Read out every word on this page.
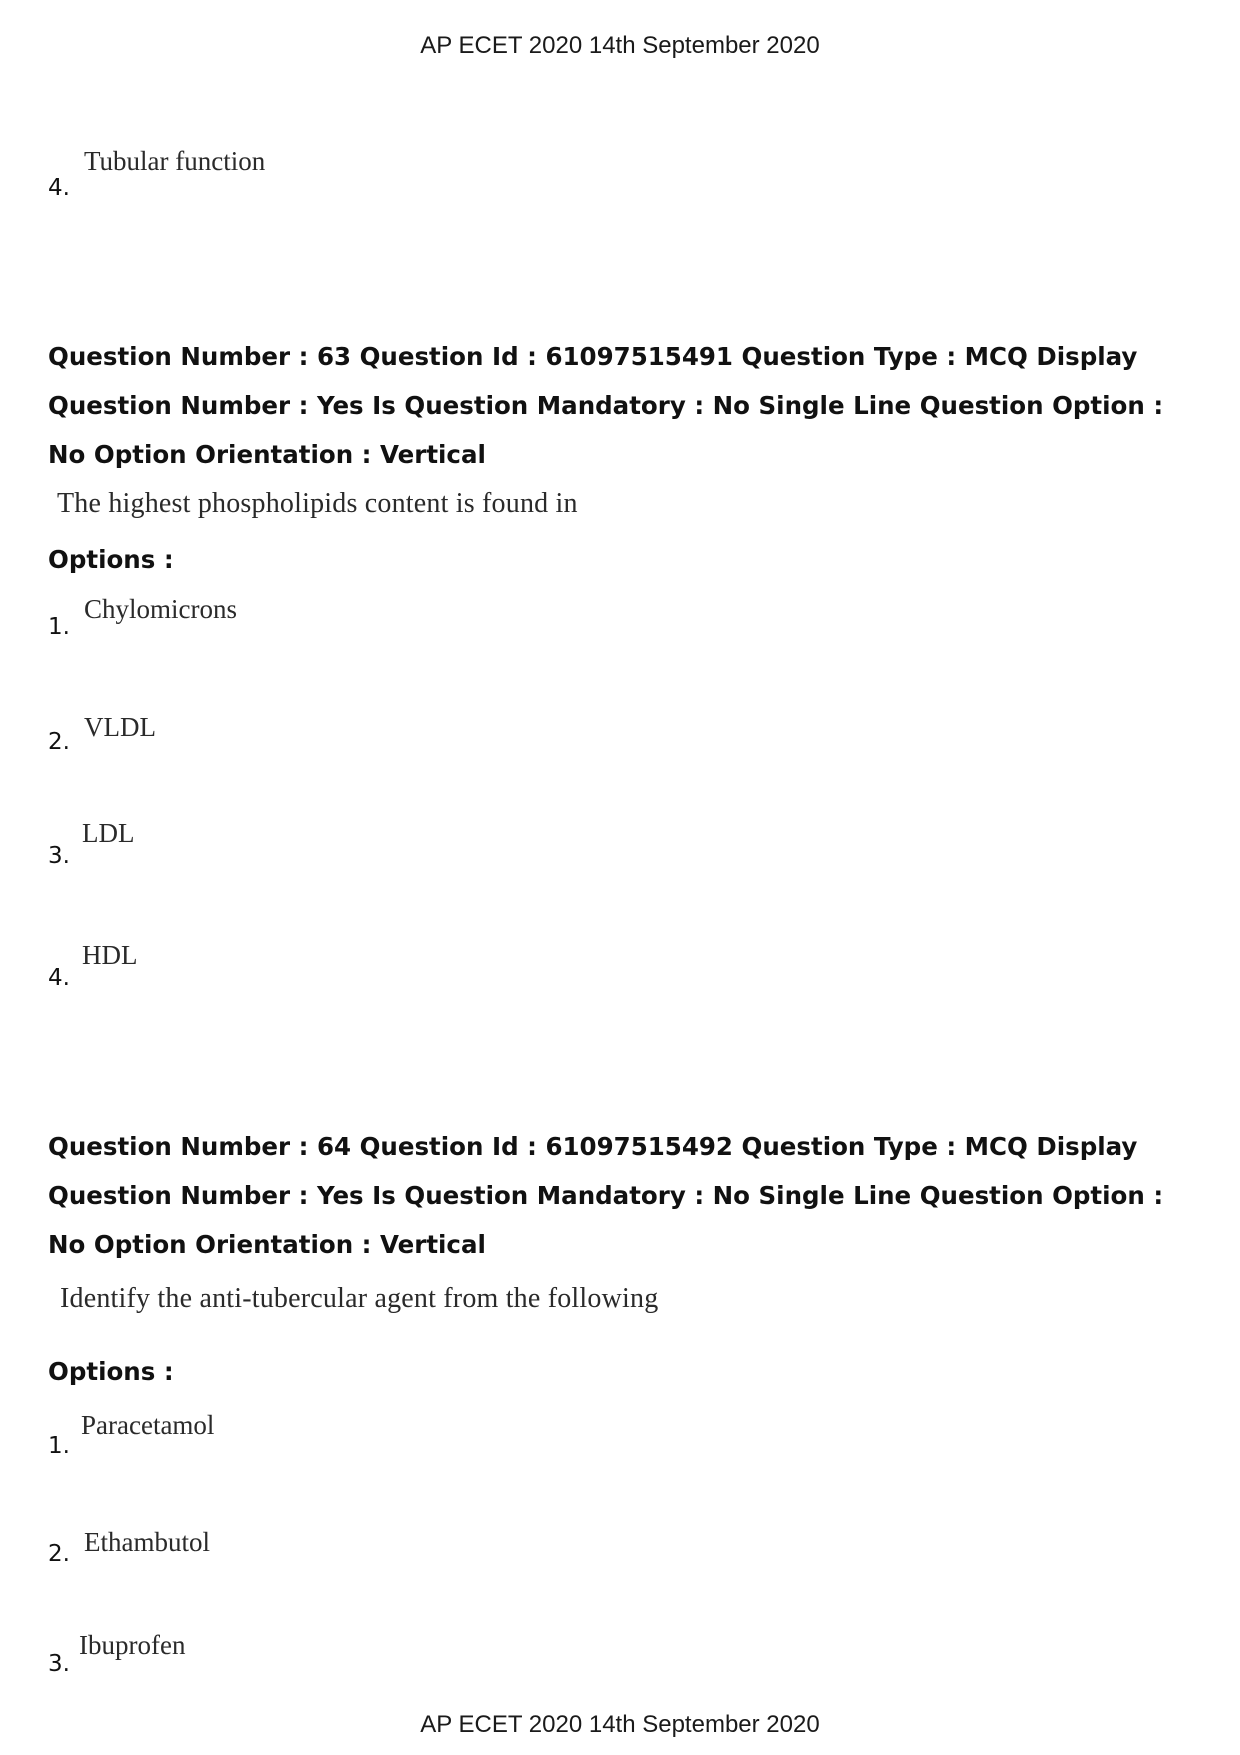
AP ECET 2020 14th September 2020
4.
Tubular function
Question Number : 63 Question Id : 61097515491 Question Type : MCQ Display Question Number : Yes Is Question Mandatory : No Single Line Question Option : No Option Orientation : Vertical
The highest phospholipids content is found in
Options :
1.
Chylomicrons
2. VLDL
3.
LDL
4.
HDL
Question Number : 64 Question Id : 61097515492 Question Type : MCQ Display Question Number : Yes Is Question Mandatory : No Single Line Question Option : No Option Orientation : Vertical
Identify the anti-tubercular agent from the following
Options :
1.
Paracetamol
2. Ethambutol
3.
Ibuprofen
AP ECET 2020 14th September 2020
